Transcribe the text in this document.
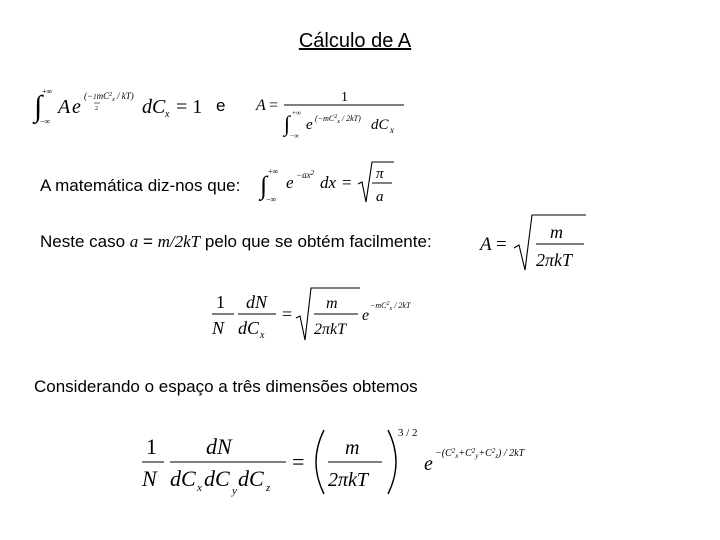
Cálculo de A
∫ +∞
−∞
A e $(-1mC^2_x / kT)$
2 dC x = 1 e A =	1
∫ +∞
−∞
e $(-mC^2_x / 2kT)$ dC x
A matemática diz-nos que: ∫ +∞
−∞
$e -ax^2$ dx = π
a
Neste caso a = m/2kT pelo que se obtém facilmente:	A =
m
2πkT
1
N
dN
dC x
=
m
2πkT
e
$-mC^2_x / 2kT$
Considerando o espaço a três dimensões obtemos
1
N
dN
dC x dC y dC z
=
m
2πkT
3 / 2
$e -(C^2_x+C^2_y+C^2_z) / 2kT$
